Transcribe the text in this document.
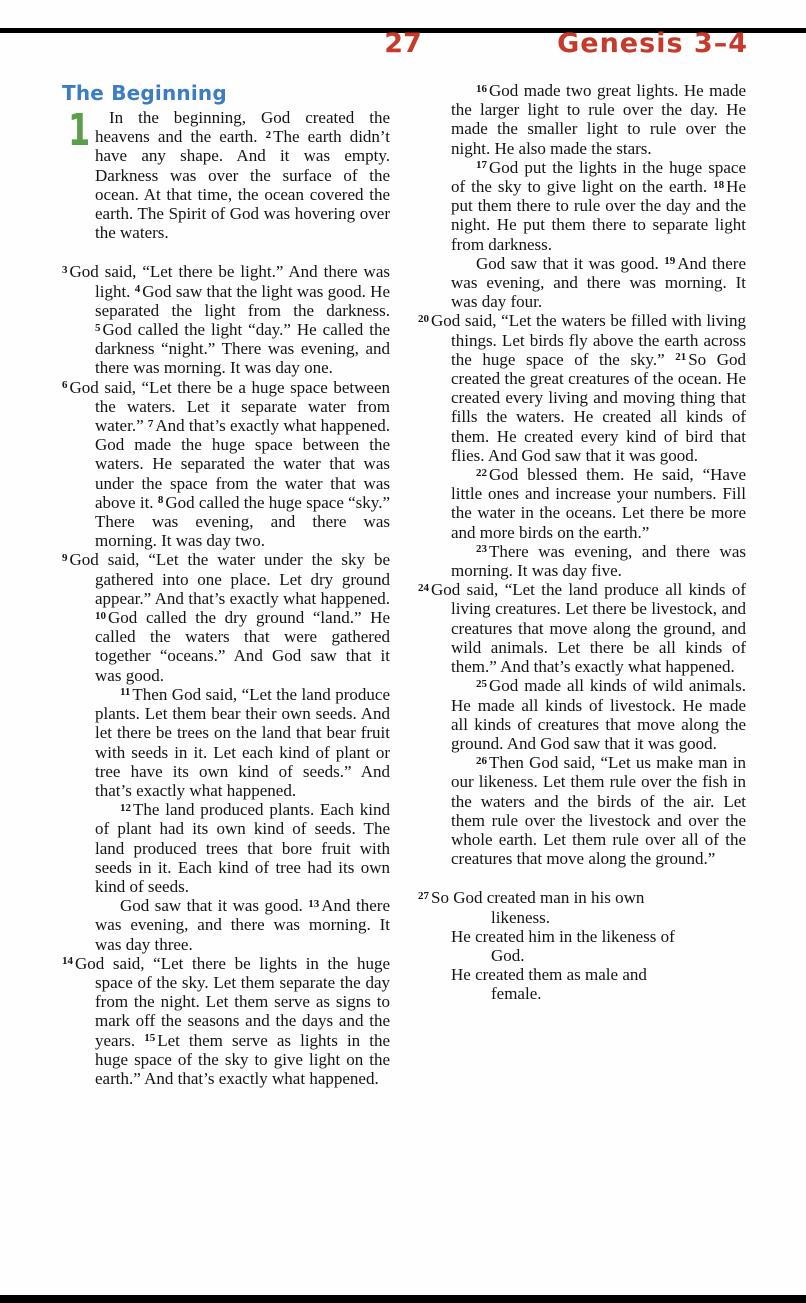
27	Genesis 3–4
The Beginning

1 In the beginning, God created the heavens and the earth. $^2$ The earth didn’t have any shape. And it was empty. Darkness was over the surface of the ocean. At that time, the ocean covered the earth. The Spirit of God was hovering over the waters.

$^3$ God said, “Let there be light.” And there was light. $^4$ God saw that the light was good. He separated the light from the darkness. $^5$ God called the light “day.” He called the darkness “night.” There was evening, and there was morning. It was day one.

$^6$ God said, “Let there be a huge space between the waters. Let it separate water from water.” $^7$ And that’s exactly what happened. God made the huge space between the waters. He separated the water that was under the space from the water that was above it. $^8$ God called the huge space “sky.” There was evening, and there was morning. It was day two.

$^9$ God said, “Let the water under the sky be gathered into one place. Let dry ground appear.” And that’s exactly what happened. $^{10}$ God called the dry ground “land.” He called the waters that were gathered together “oceans.” And God saw that it was good.

$^{11}$ Then God said, “Let the land produce plants. Let them bear their own seeds. And let there be trees on the land that bear fruit with seeds in it. Let each kind of plant or tree have its own kind of seeds.” And that’s exactly what happened.

$^{12}$ The land produced plants. Each kind of plant had its own kind of seeds. The land produced trees that bore fruit with seeds in it. Each kind of tree had its own kind of seeds.

God saw that it was good. $^{13}$ And there was evening, and there was morning. It was day three.

$^{14}$ God said, “Let there be lights in the huge space of the sky. Let them separate the day from the night. Let them serve as signs to mark off the seasons and the days and the years. $^{15}$ Let them serve as lights in the huge space of the sky to give light on the earth.” And that’s exactly what happened.

$^{16}$ God made two great lights. He made the larger light to rule over the day. He made the smaller light to rule over the night. He also made the stars.

$^{17}$ God put the lights in the huge space of the sky to give light on the earth. $^{18}$ He put them there to rule over the day and the night. He put them there to separate light from darkness.

God saw that it was good. $^{19}$ And there was evening, and there was morning. It was day four.

$^{20}$ God said, “Let the waters be filled with living things. Let birds fly above the earth across the huge space of the sky.” $^{21}$ So God created the great creatures of the ocean. He created every living and moving thing that fills the waters. He created all kinds of them. He created every kind of bird that flies. And God saw that it was good.

$^{22}$ God blessed them. He said, “Have little ones and increase your numbers. Fill the water in the oceans. Let there be more and more birds on the earth.”

$^{23}$ There was evening, and there was morning. It was day five.

$^{24}$ God said, “Let the land produce all kinds of living creatures. Let there be livestock, and creatures that move along the ground, and wild animals. Let there be all kinds of them.” And that’s exactly what happened.

$^{25}$ God made all kinds of wild animals. He made all kinds of livestock. He made all kinds of creatures that move along the ground. And God saw that it was good.

$^{26}$ Then God said, “Let us make man in our likeness. Let them rule over the fish in the waters and the birds of the air. Let them rule over the livestock and over the whole earth. Let them rule over all of the creatures that move along the ground.”

$^{27}$ So God created man in his own

likeness.

He created him in the likeness of

God.

He created them as male and

female.
